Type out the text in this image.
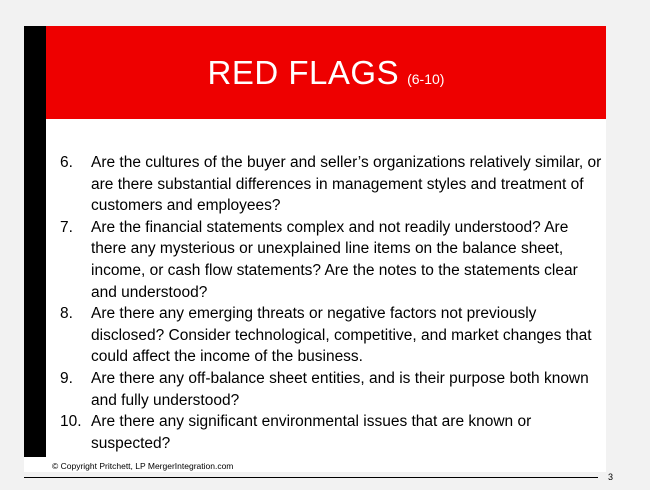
RED FLAGS (6-10)
6.	Are the cultures of the buyer and seller’s organizations relatively similar, or are there substantial differences in management styles and treatment of customers and employees?
7.	Are the financial statements complex and not readily understood? Are there any mysterious or unexplained line items on the balance sheet, income, or cash flow statements? Are the notes to the statements clear and understood?
8.	Are there any emerging threats or negative factors not previously disclosed? Consider technological, competitive, and market changes that could affect the income of the business.
9.	Are there any off-balance sheet entities, and is their purpose both known and fully understood?
10. Are there any significant environmental issues that are known or suspected?
© Copyright Pritchett, LP MergerIntegration.com
3
